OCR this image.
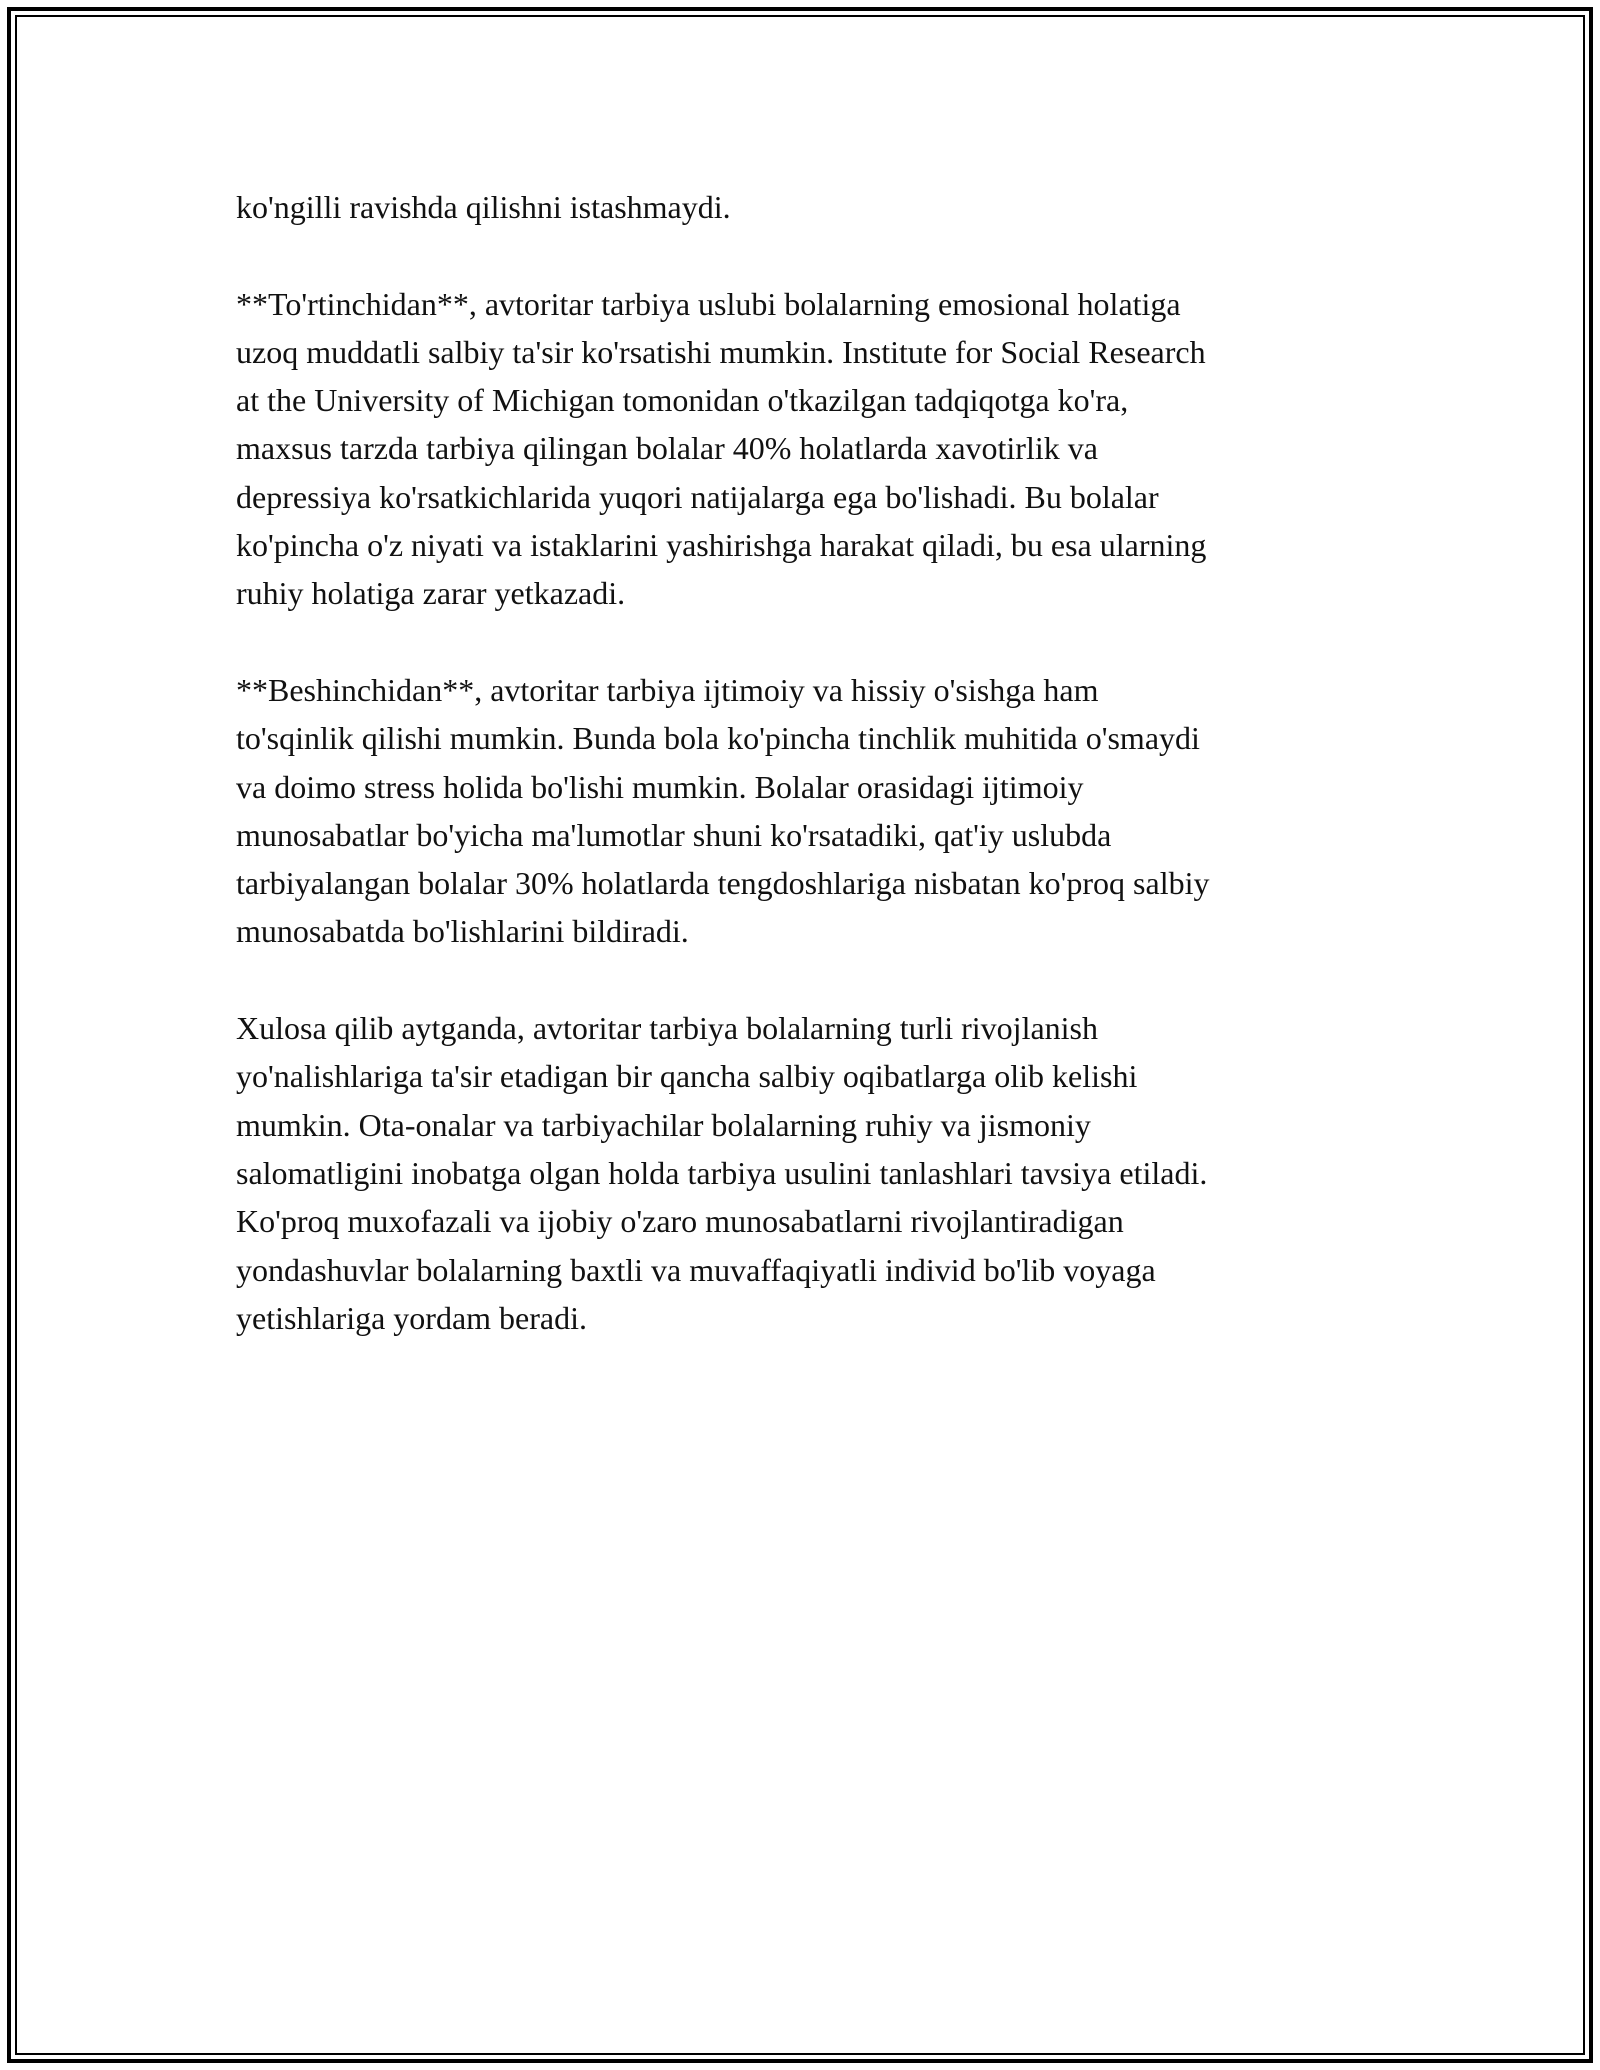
ko'ngilli ravishda qilishni istashmaydi.

**To'rtinchidan**, avtoritar tarbiya uslubi bolalarning emosional holatiga
uzoq muddatli salbiy ta'sir ko'rsatishi mumkin. Institute for Social Research
at the University of Michigan tomonidan o'tkazilgan tadqiqotga ko'ra,
maxsus tarzda tarbiya qilingan bolalar 40% holatlarda xavotirlik va
depressiya ko'rsatkichlarida yuqori natijalarga ega bo'lishadi. Bu bolalar
ko'pincha o'z niyati va istaklarini yashirishga harakat qiladi, bu esa ularning
ruhiy holatiga zarar yetkazadi.

**Beshinchidan**, avtoritar tarbiya ijtimoiy va hissiy o'sishga ham
to'sqinlik qilishi mumkin. Bunda bola ko'pincha tinchlik muhitida o'smaydi
va doimo stress holida bo'lishi mumkin. Bolalar orasidagi ijtimoiy
munosabatlar bo'yicha ma'lumotlar shuni ko'rsatadiki, qat'iy uslubda
tarbiyalangan bolalar 30% holatlarda tengdoshlariga nisbatan ko'proq salbiy
munosabatda bo'lishlarini bildiradi.

Xulosa qilib aytganda, avtoritar tarbiya bolalarning turli rivojlanish
yo'nalishlariga ta'sir etadigan bir qancha salbiy oqibatlarga olib kelishi
mumkin. Ota-onalar va tarbiyachilar bolalarning ruhiy va jismoniy
salomatligini inobatga olgan holda tarbiya usulini tanlashlari tavsiya etiladi.
Ko'proq muxofazali va ijobiy o'zaro munosabatlarni rivojlantiradigan
yondashuvlar bolalarning baxtli va muvaffaqiyatli individ bo'lib voyaga
yetishlariga yordam beradi.
